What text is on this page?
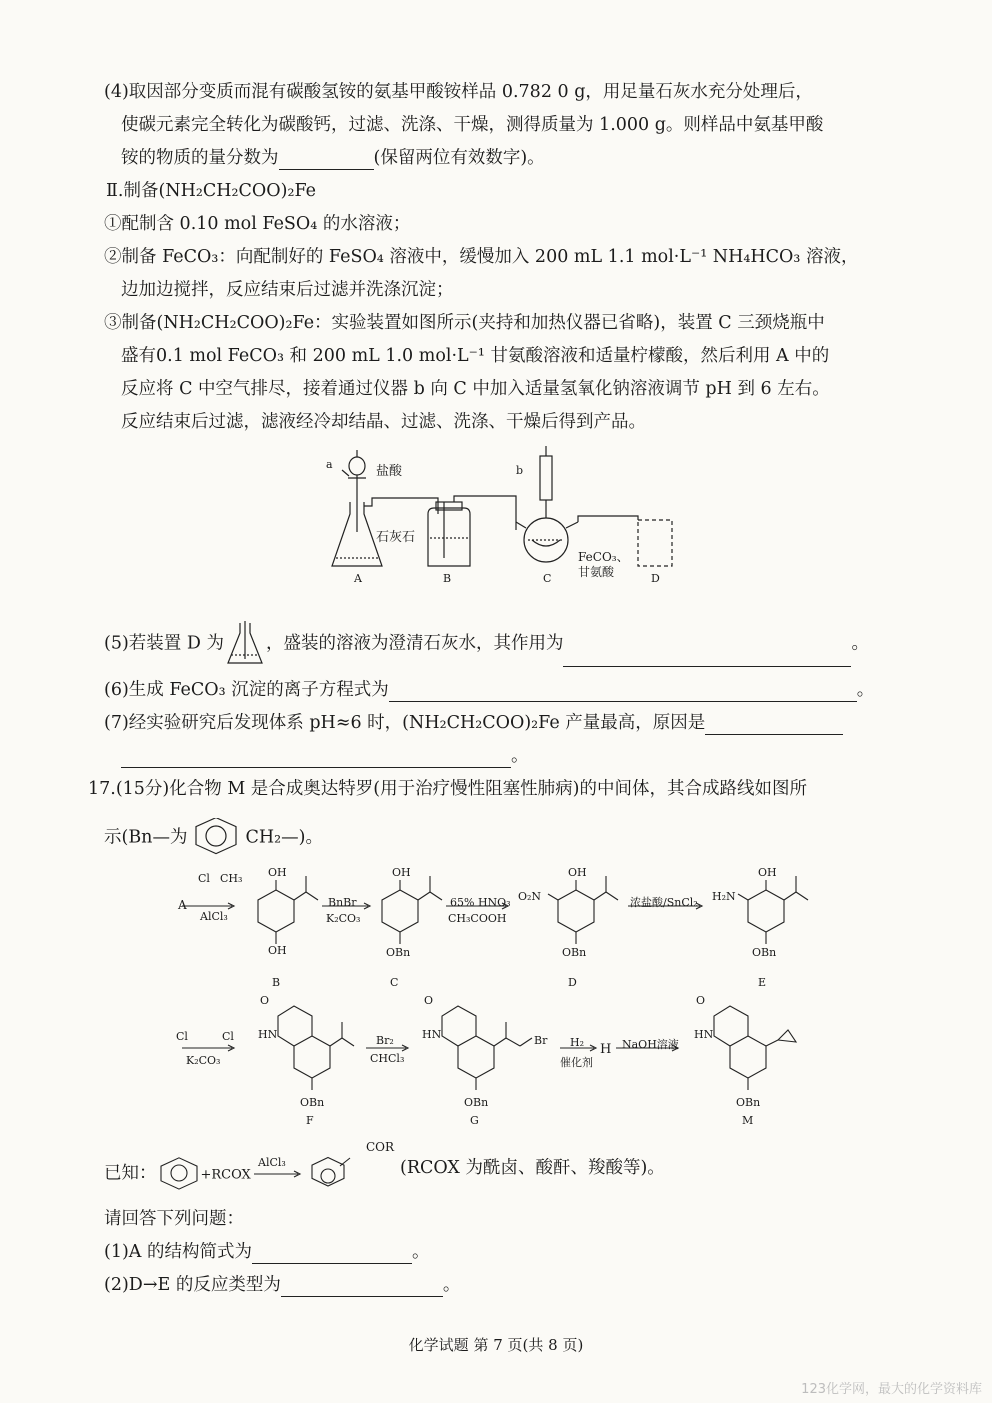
(4)取因部分变质而混有碳酸氢铵的氨基甲酸铵样品 0.782 0 g，用足量石灰水充分处理后，
使碳元素完全转化为碳酸钙，过滤、洗涤、干燥，测得质量为 1.000 g。则样品中氨基甲酸
铵的物质的量分数为	(保留两位有效数字)。
Ⅱ.制备(NH₂CH₂COO)₂Fe
①配制含 0.10 mol FeSO₄ 的水溶液；
②制备 FeCO₃：向配制好的 FeSO₄ 溶液中，缓慢加入 200 mL 1.1 mol·L⁻¹ NH₄HCO₃ 溶液，
边加边搅拌，反应结束后过滤并洗涤沉淀；
③制备(NH₂CH₂COO)₂Fe：实验装置如图所示(夹持和加热仪器已省略)，装置 C 三颈烧瓶中
盛有0.1 mol FeCO₃ 和 200 mL 1.0 mol·L⁻¹ 甘氨酸溶液和适量柠檬酸，然后利用 A 中的
反应将 C 中空气排尽，接着通过仪器 b 向 C 中加入适量氢氧化钠溶液调节 pH 到 6 左右。
反应结束后过滤，滤液经冷却结晶、过滤、洗涤、干燥后得到产品。
a	盐酸
石灰石
b
FeCO₃、
甘氨酸
A	B	C	D
(5)若装置 D 为 ，盛装的溶液为澄清石灰水，其作用为	。
(6)生成 FeCO₃ 沉淀的离子方程式为	。
(7)经实验研究后发现体系 pH≈6 时，(NH₂CH₂COO)₂Fe 产量最高，原因是
。
17.(15分)化合物 M 是合成奥达特罗(用于治疗慢性阻塞性肺病)的中间体，其合成路线如图所
示(Bn—为	CH₂—)。
A
Cl CH₃
AlCl₃
OH
OH
B
BnBr
K₂CO₃
OH
OBn
C
65% HNO₃
CH₃COOH
O₂N
OH
OBn
D
浓盐酸/SnCl₂ H₂N
OH
OBn
E
Cl	Cl
K₂CO₃
O
HN
OBn
F
Br₂
CHCl₃
O
HN	Br
OBn
G
H₂
催化剂
H NaOH溶液
O
HN
OBn
M
已知：	+RCOX
AlCl₃
COR
(RCOX 为酰卤、酸酐、羧酸等)。
请回答下列问题：
(1)A 的结构简式为	。
(2)D→E 的反应类型为	。
化学试题 第 7 页(共 8 页)
123化学网，最大的化学资料库
